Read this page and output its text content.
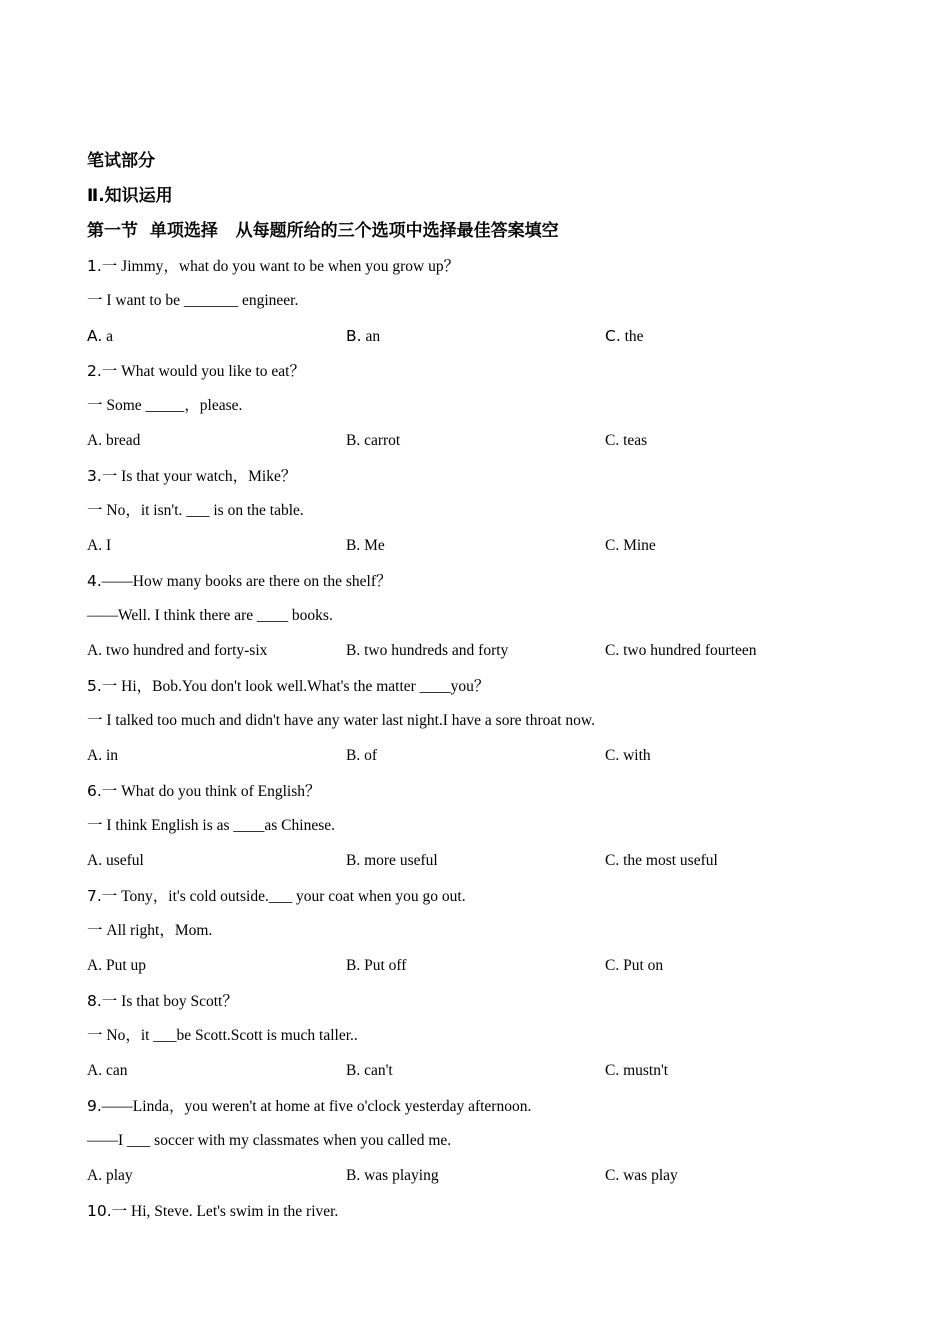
笔试部分
Ⅱ.知识运用
第一节  单项选择   从每题所给的三个选项中选择最佳答案填空
1.一 Jimmy，what do you want to be when you grow up？
一 I want to be _______ engineer.
A. a	B. an	C. the
2.一 What would you like to eat？
一 Some _____，please.
A. bread	B. carrot	C. teas
3.一 Is that your watch，Mike？
一 No，it isn't. ___ is on the table.
A. I	B. Me	C. Mine
4.——How many books are there on the shelf？
——Well. I think there are ____ books.
A. two hundred and forty-six	B. two hundreds and forty	C. two hundred fourteen
5.一 Hi，Bob.You don't look well.What's the matter ____you？
一 I talked too much and didn't have any water last night.I have a sore throat now.
A. in	B. of	C. with
6.一 What do you think of English？
一 I think English is as ____as Chinese.
A. useful	B. more useful	C. the most useful
7.一 Tony，it's cold outside.___ your coat when you go out.
一 All right，Mom.
A. Put up	B. Put off	C. Put on
8.一 Is that boy Scott？
一 No，it ___be Scott.Scott is much taller..
A. can	B. can't	C. mustn't
9.——Linda，you weren't at home at five o'clock yesterday afternoon.
——I ___ soccer with my classmates when you called me.
A. play	B. was playing	C. was play
10.一 Hi, Steve. Let's swim in the river.
